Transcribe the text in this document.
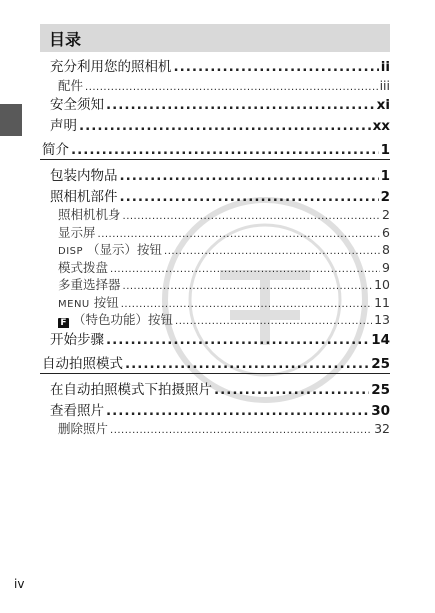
目录
充分利用您的照相机 .....	ii
配件 .....	iii
安全须知 .....	xi
声明 .....	xx
简介 .....	1
包装内物品 .....	1
照相机部件 .....	2
照相机机身 .....	2
显示屏 .....	6
DISP （显示）按钮 .....	8
模式拨盘 .....	9
多重选择器 .....	10
MENU 按钮 .....	11
F （特色功能）按钮 .....	13
开始步骤 .....	14
自动拍照模式 .....	25
在自动拍照模式下拍摄照片 .....	25
查看照片 .....	30
删除照片 .....	32
iv
